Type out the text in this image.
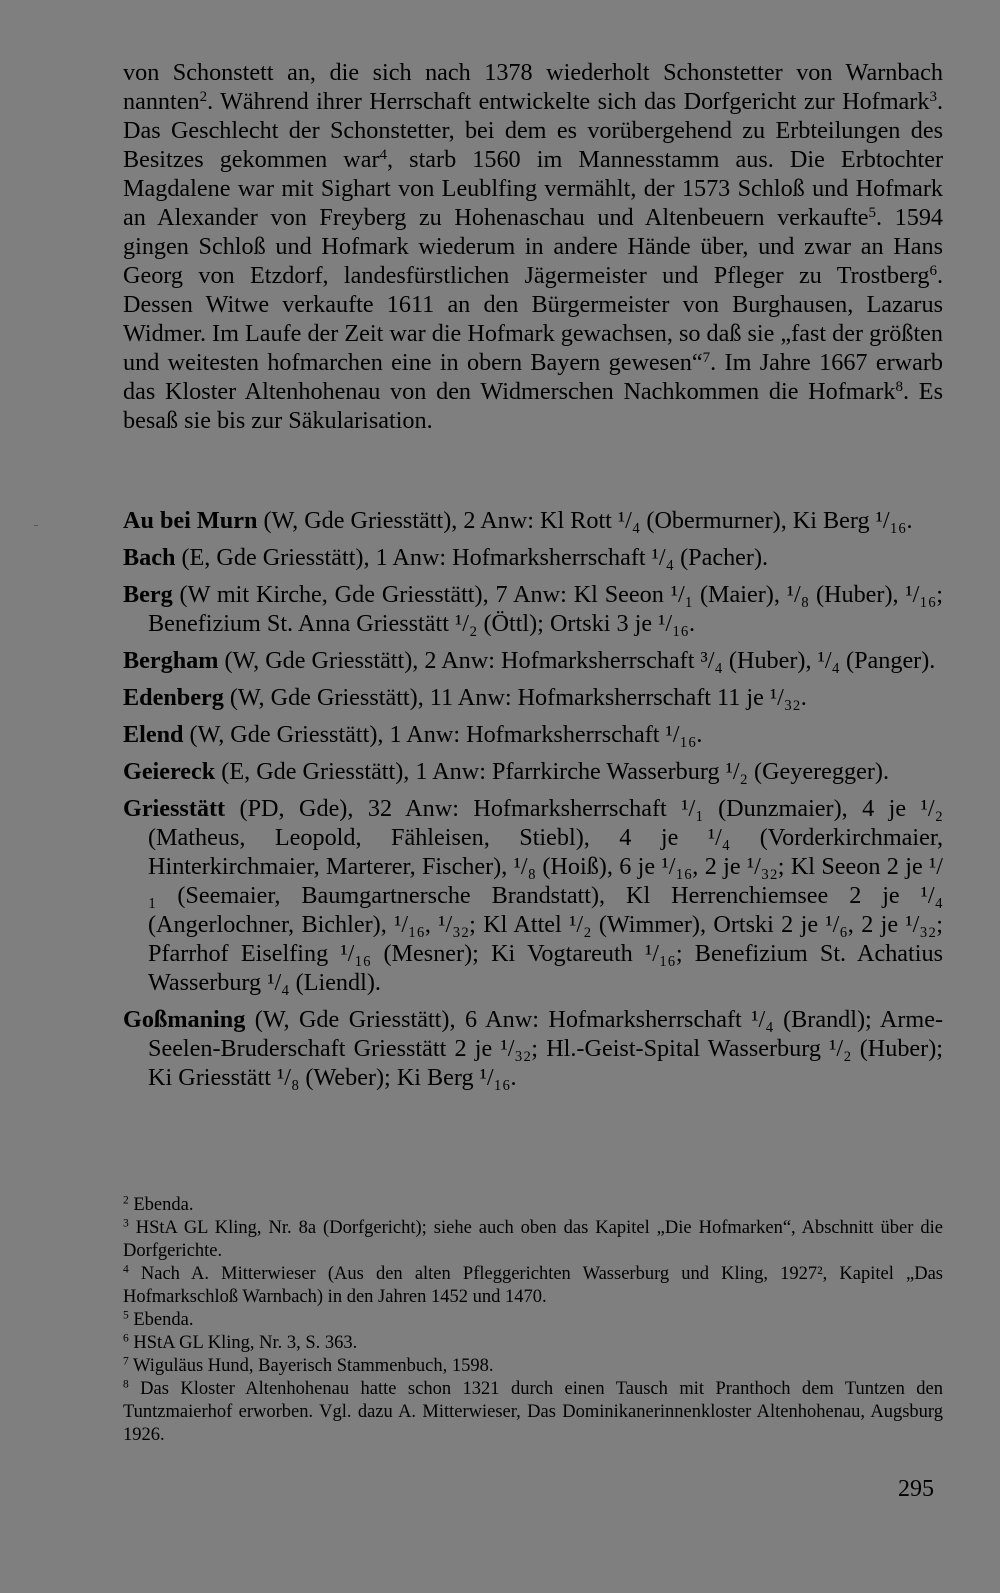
von Schonstett an, die sich nach 1378 wiederholt Schonstetter von Warnbach nannten$^2$. Während ihrer Herrschaft entwickelte sich das Dorfgericht zur Hofmark$^3$. Das Geschlecht der Schonstetter, bei dem es vorübergehend zu Erbteilungen des Besitzes gekommen war$^4$, starb 1560 im Mannesstamm aus. Die Erbtochter Magdalene war mit Sighart von Leublfing vermählt, der 1573 Schloß und Hofmark an Alexander von Freyberg zu Hohenaschau und Altenbeuern verkaufte$^5$. 1594 gingen Schloß und Hofmark wiederum in andere Hände über, und zwar an Hans Georg von Etzdorf, landesfürstlichen Jägermeister und Pfleger zu Trostberg$^6$. Dessen Witwe verkaufte 1611 an den Bürgermeister von Burghausen, Lazarus Widmer. Im Laufe der Zeit war die Hofmark gewachsen, so daß sie „fast der größten und weitesten hofmarchen eine in obern Bayern gewesen“$^7$. Im Jahre 1667 erwarb das Kloster Altenhohenau von den Widmerschen Nachkommen die Hofmark$^8$. Es besaß sie bis zur Säkularisation.

Au bei Murn (W, Gde Griesstätt), 2 Anw: Kl Rott ¹/₄ (Obermurner), Ki Berg ¹/₁₆.

Bach (E, Gde Griesstätt), 1 Anw: Hofmarksherrschaft ¹/₄ (Pacher).

Berg (W mit Kirche, Gde Griesstätt), 7 Anw: Kl Seeon ¹/₁ (Maier), ¹/₈ (Huber), ¹/₁₆; Benefizium St. Anna Griesstätt ¹/₂ (Öttl); Ortski 3 je ¹/₁₆.

Bergham (W, Gde Griesstätt), 2 Anw: Hofmarksherrschaft ³/₄ (Huber), ¹/₄ (Panger).

Edenberg (W, Gde Griesstätt), 11 Anw: Hofmarksherrschaft 11 je ¹/₃₂.

Elend (W, Gde Griesstätt), 1 Anw: Hofmarksherrschaft ¹/₁₆.

Geiereck (E, Gde Griesstätt), 1 Anw: Pfarrkirche Wasserburg ¹/₂ (Geyeregger).

Griesstätt (PD, Gde), 32 Anw: Hofmarksherrschaft ¹/₁ (Dunzmaier), 4 je ¹/₂ (Matheus, Leopold, Fähleisen, Stiebl), 4 je ¹/₄ (Vorderkirchmaier, Hinterkirchmaier, Marterer, Fischer), ¹/₈ (Hoiß), 6 je ¹/₁₆, 2 je ¹/₃₂; Kl Seeon 2 je ¹/₁ (Seemaier, Baumgartnersche Brandstatt), Kl Herrenchiemsee 2 je ¹/₄ (Angerlochner, Bichler), ¹/₁₆, ¹/₃₂; Kl Attel ¹/₂ (Wimmer), Ortski 2 je ¹/₆, 2 je ¹/₃₂; Pfarrhof Eiselfing ¹/₁₆ (Mesner); Ki Vogtareuth ¹/₁₆; Benefizium St. Achatius Wasserburg ¹/₄ (Liendl).

Goßmaning (W, Gde Griesstätt), 6 Anw: Hofmarksherrschaft ¹/₄ (Brandl); Arme-Seelen-Bruderschaft Griesstätt 2 je ¹/₃₂; Hl.-Geist-Spital Wasserburg ¹/₂ (Huber); Ki Griesstätt ¹/₈ (Weber); Ki Berg ¹/₁₆.

$^2$ Ebenda.

$^3$ HStA GL Kling, Nr. 8a (Dorfgericht); siehe auch oben das Kapitel „Die Hofmarken“, Abschnitt über die Dorfgerichte.

$^4$ Nach A. Mitterwieser (Aus den alten Pfleggerichten Wasserburg und Kling, 1927², Kapitel „Das Hofmarkschloß Warnbach) in den Jahren 1452 und 1470.

$^5$ Ebenda.

$^6$ HStA GL Kling, Nr. 3, S. 363.

$^7$ Wiguläus Hund, Bayerisch Stammenbuch, 1598.

$^8$ Das Kloster Altenhohenau hatte schon 1321 durch einen Tausch mit Pranthoch dem Tuntzen den Tuntzmaierhof erworben. Vgl. dazu A. Mitterwieser, Das Dominikanerinnenkloster Altenhohenau, Augsburg 1926.

295
